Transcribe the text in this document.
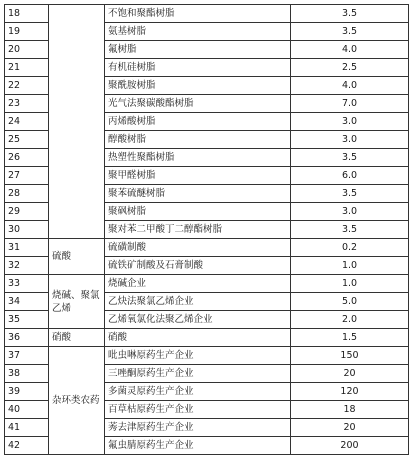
18		不饱和聚酯树脂	3.5
19		氨基树脂	3.5
20		氟树脂	4.0
21		有机硅树脂	2.5
22		聚酰胺树脂	4.0
23		光气法聚碳酸酯树脂	7.0
24		丙烯酸树脂	3.0
25		醇酸树脂	3.0
26		热塑性聚酯树脂	3.5
27		聚甲醛树脂	6.0
28		聚苯硫醚树脂	3.5
29		聚砜树脂	3.0
30		聚对苯二甲酸丁二醇酯树脂	3.5
31	硫酸	硫磺制酸	0.2
32		硫铁矿制酸及石膏制酸	1.0
33	烧碱、聚氯乙烯	烧碱企业	1.0
34		乙炔法聚氯乙烯企业	5.0
35		乙烯氧氯化法聚乙烯企业	2.0
36	硝酸	硝酸	1.5
37	杂环类农药	吡虫啉原药生产企业	150
38		三唑酮原药生产企业	20
39		多菌灵原药生产企业	120
40		百草枯原药生产企业	18
41		莠去津原药生产企业	20
42		氟虫腈原药生产企业	200
